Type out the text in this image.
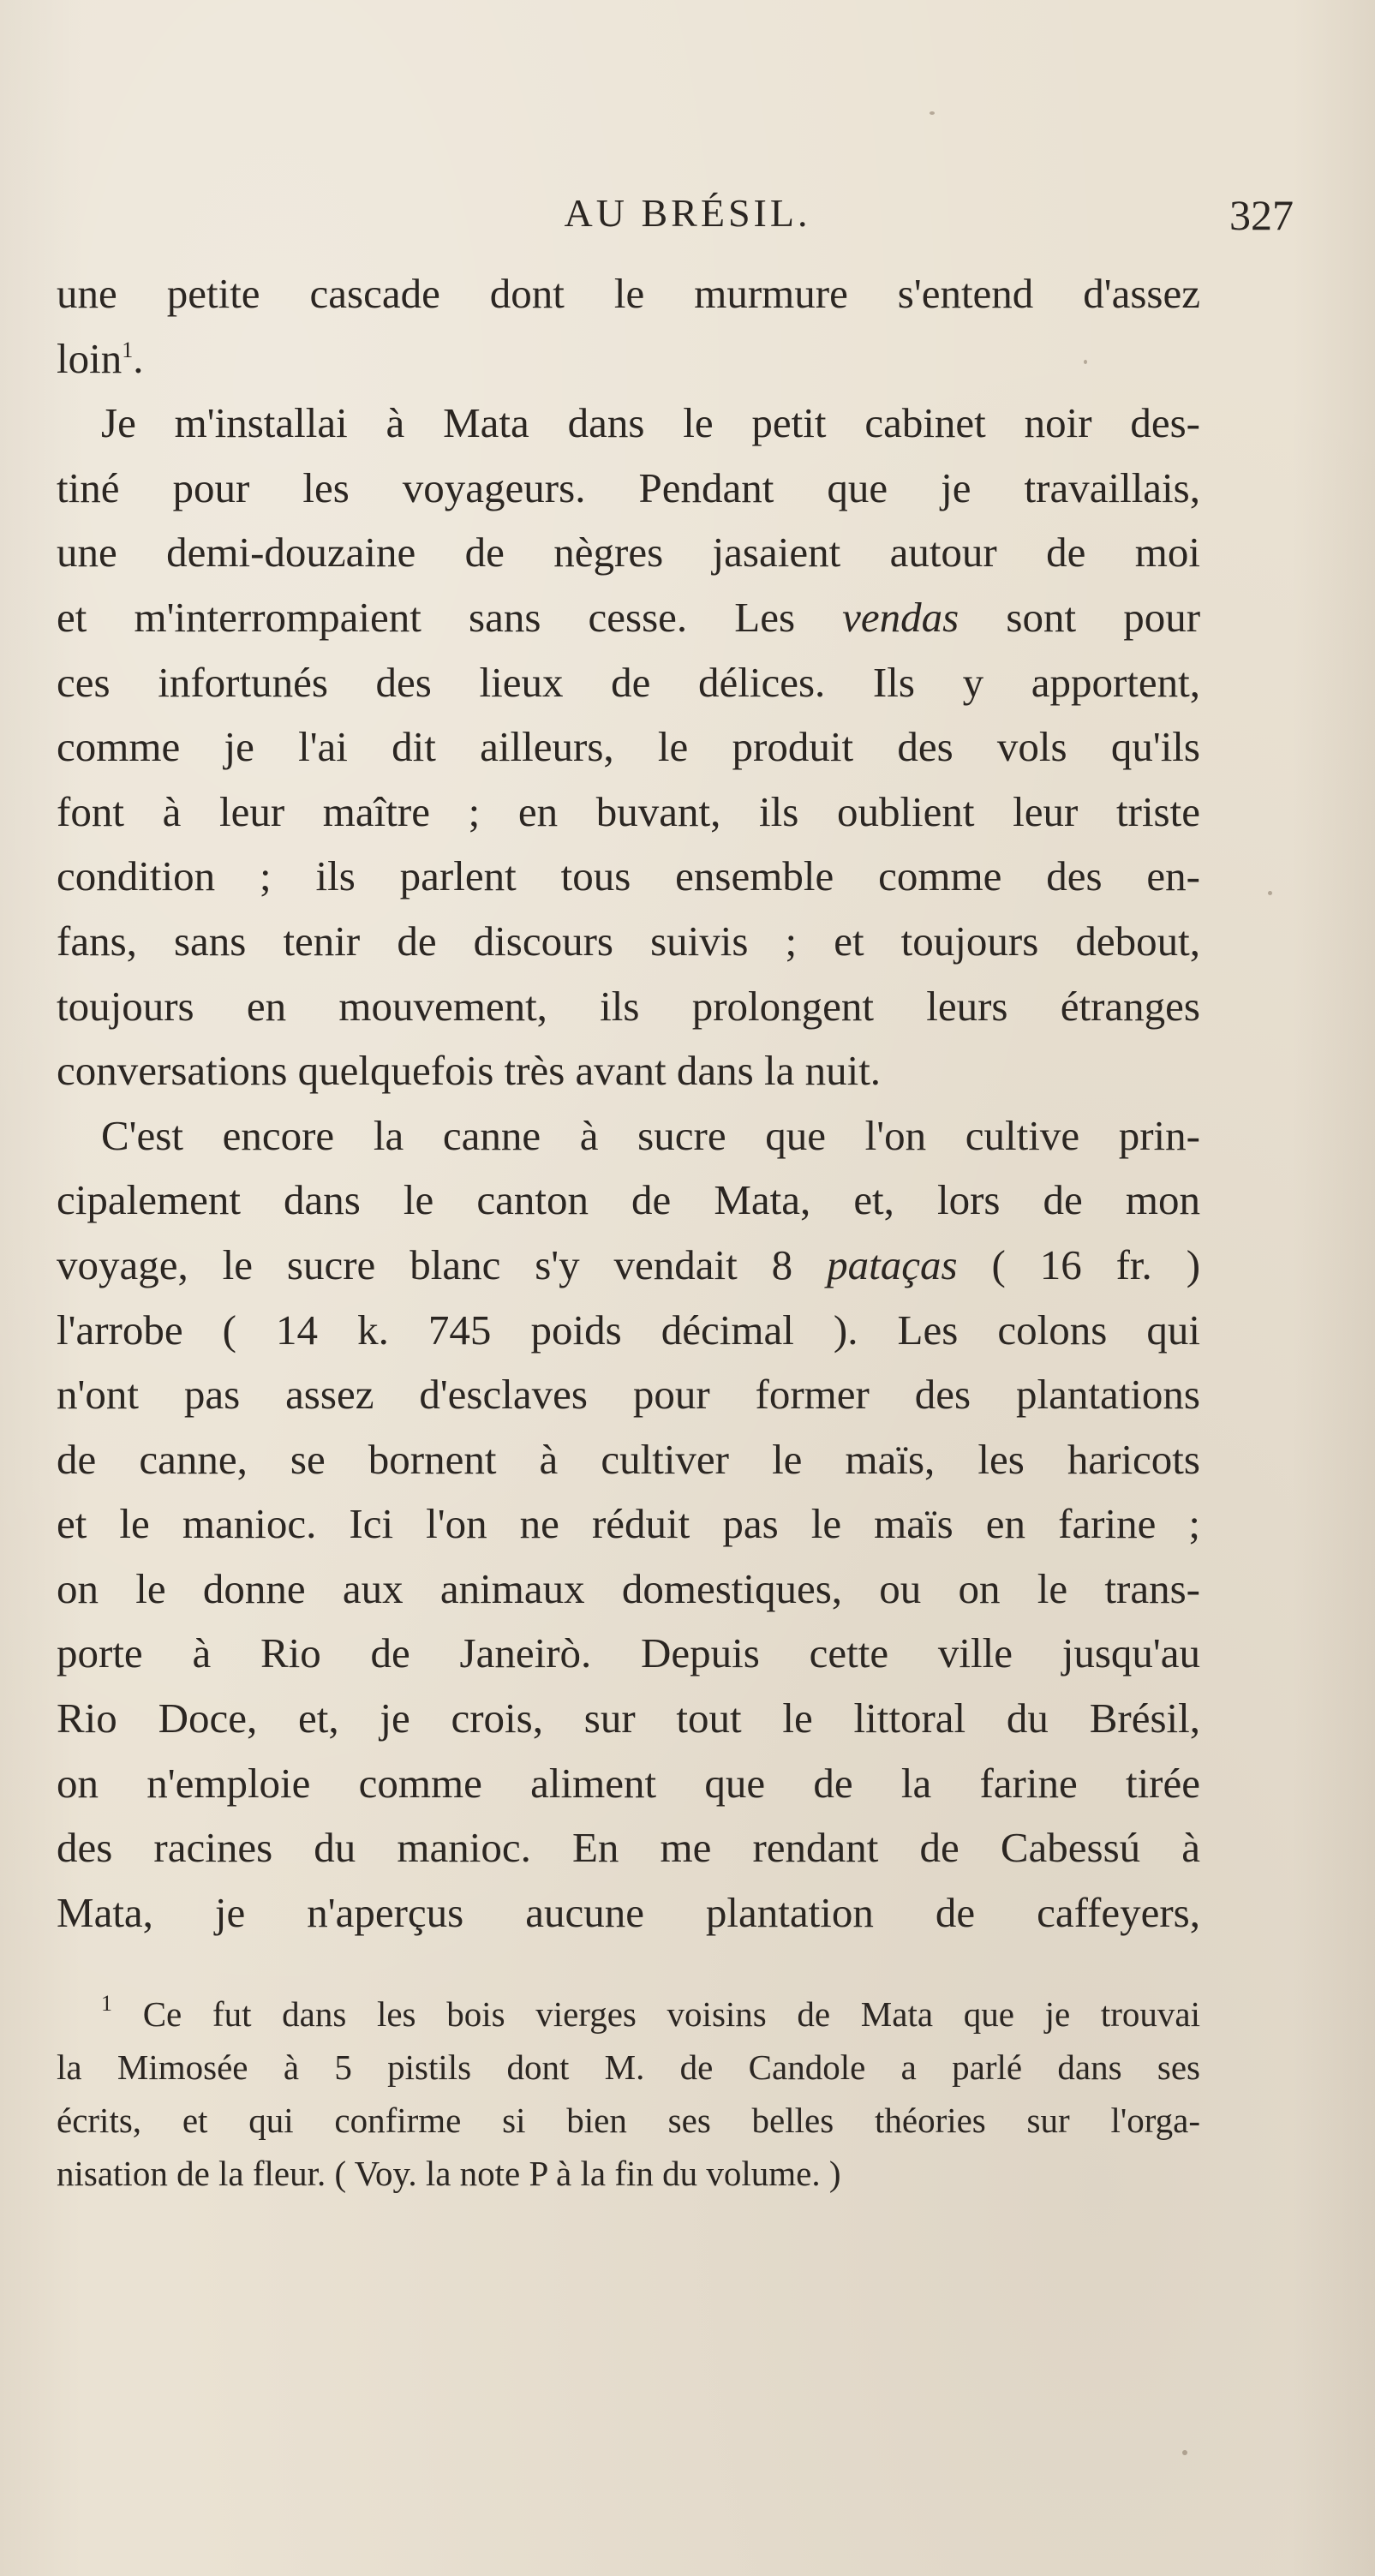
AU BRÉSIL.	327
une petite cascade dont le murmure s'entend d'assez
loin$^1$.
Je m'installai à Mata dans le petit cabinet noir des-
tiné pour les voyageurs. Pendant que je travaillais,
une demi-douzaine de nègres jasaient autour de moi
et m'interrompaient sans cesse. Les vendas sont pour
ces infortunés des lieux de délices. Ils y apportent,
comme je l'ai dit ailleurs, le produit des vols qu'ils
font à leur maître ; en buvant, ils oublient leur triste
condition ; ils parlent tous ensemble comme des en-
fans, sans tenir de discours suivis ; et toujours debout,
toujours en mouvement, ils prolongent leurs étranges
conversations quelquefois très avant dans la nuit.
C'est encore la canne à sucre que l'on cultive prin-
cipalement dans le canton de Mata, et, lors de mon
voyage, le sucre blanc s'y vendait 8 pataças ( 16 fr. )
l'arrobe ( 14 k. 745 poids décimal ). Les colons qui
n'ont pas assez d'esclaves pour former des plantations
de canne, se bornent à cultiver le maïs, les haricots
et le manioc. Ici l'on ne réduit pas le maïs en farine ;
on le donne aux animaux domestiques, ou on le trans-
porte à Rio de Janeirò. Depuis cette ville jusqu'au
Rio Doce, et, je crois, sur tout le littoral du Brésil,
on n'emploie comme aliment que de la farine tirée
des racines du manioc. En me rendant de Cabessú à
Mata, je n'aperçus aucune plantation de caffeyers,
$^1$ Ce fut dans les bois vierges voisins de Mata que je trouvai
la Mimosée à 5 pistils dont M. de Candole a parlé dans ses
écrits, et qui confirme si bien ses belles théories sur l'orga-
nisation de la fleur. ( Voy. la note P à la fin du volume. )
